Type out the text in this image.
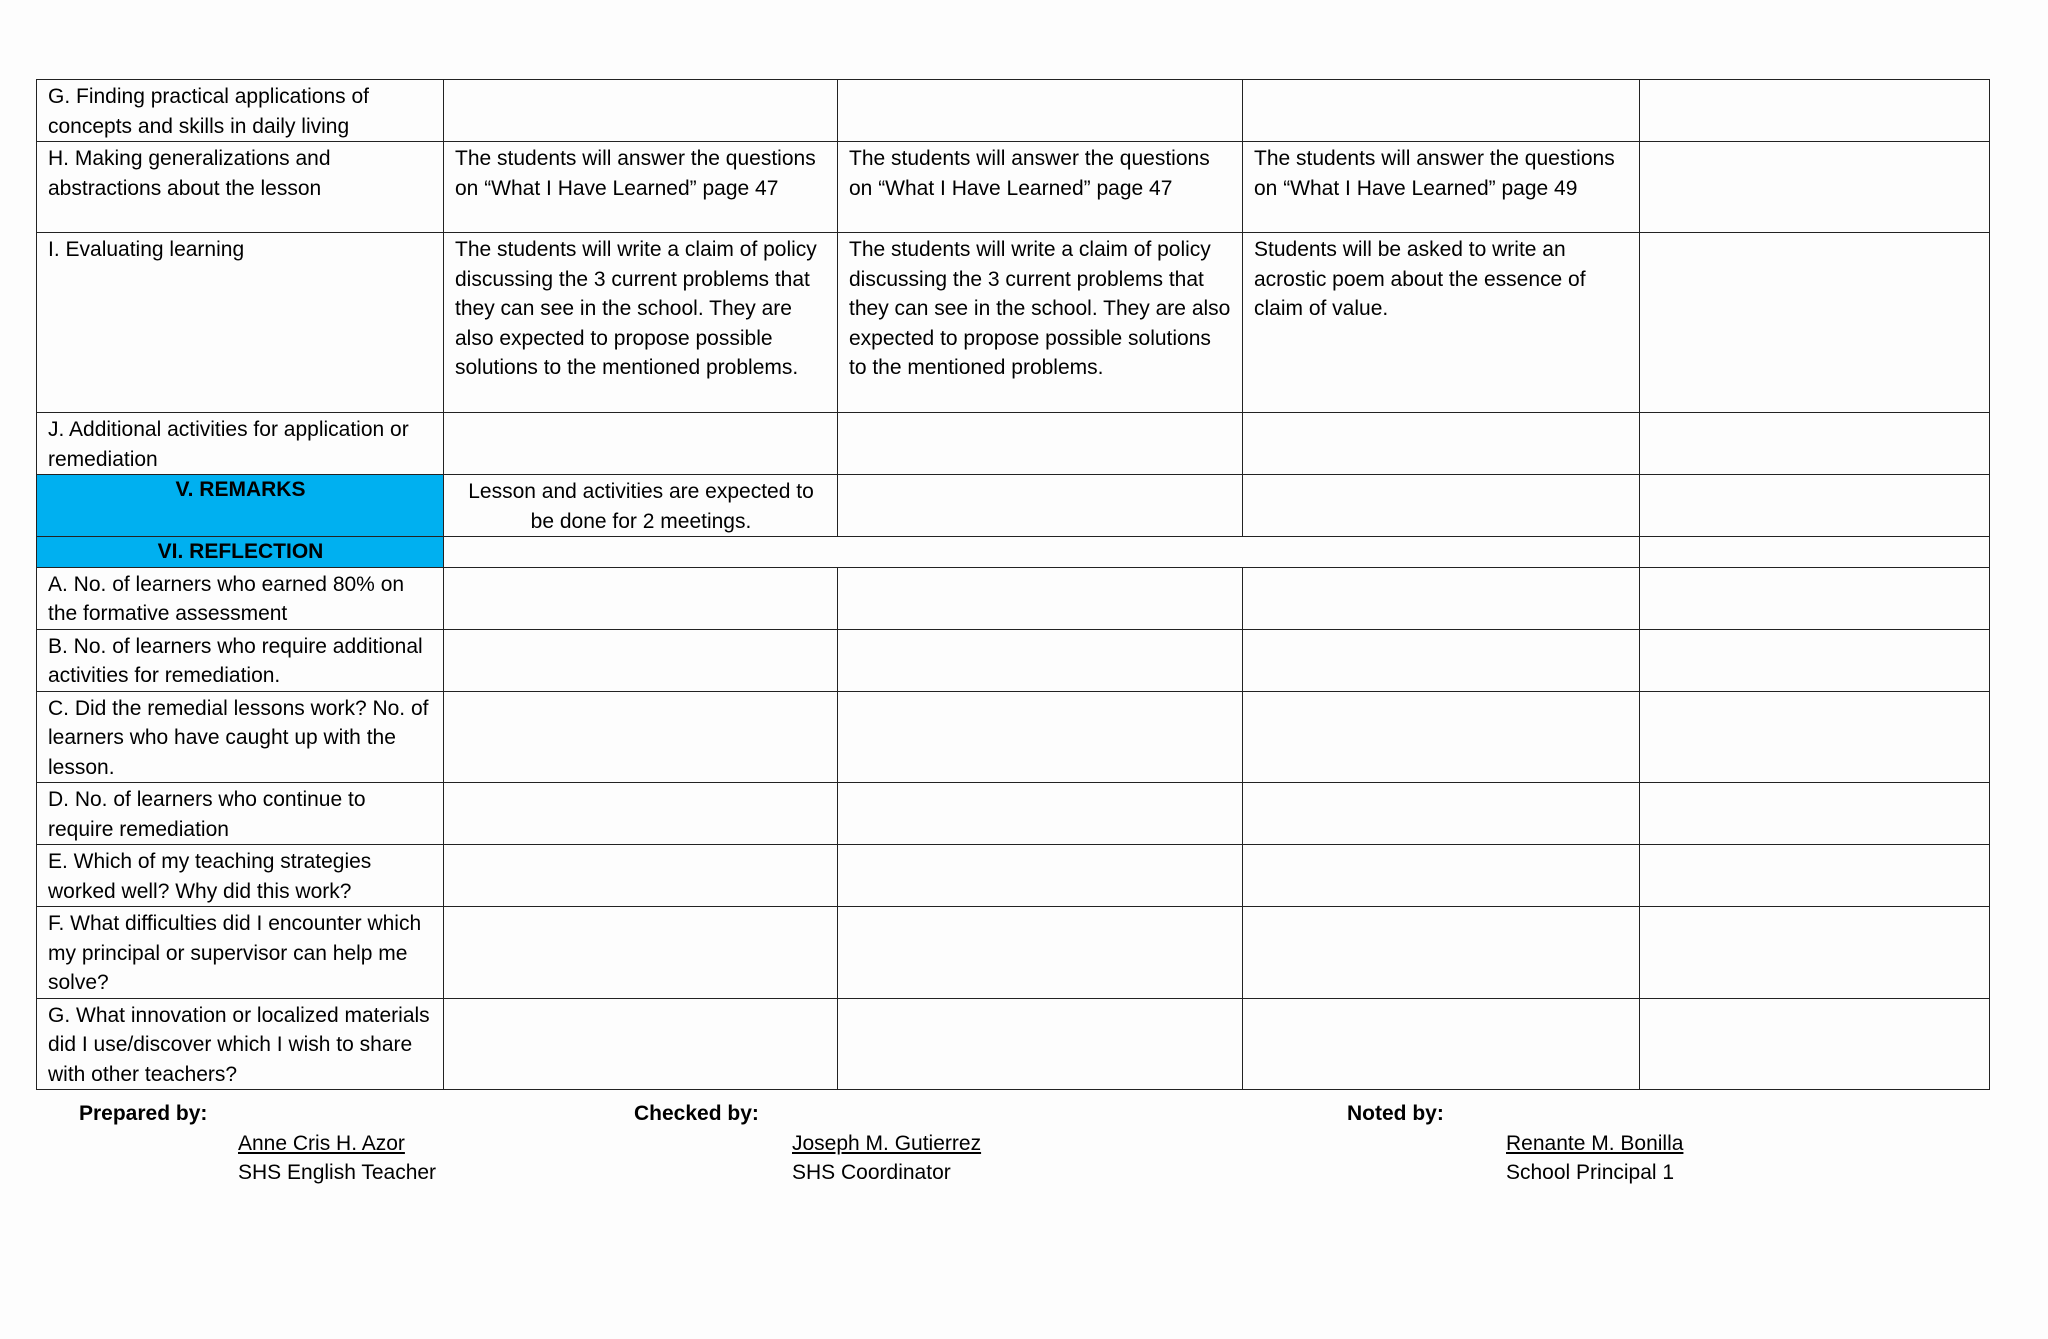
G. Finding practical applications of concepts and skills in daily living				
H. Making generalizations and abstractions about the lesson	The students will answer the questions on “What I Have Learned” page 47	The students will answer the questions on “What I Have Learned” page 47	The students will answer the questions on “What I Have Learned” page 49	
I. Evaluating learning	The students will write a claim of policy discussing the 3 current problems that they can see in the school. They are also expected to propose possible solutions to the mentioned problems.	The students will write a claim of policy discussing the 3 current problems that they can see in the school. They are also expected to propose possible solutions to the mentioned problems.	Students will be asked to write an acrostic poem about the essence of claim of value.	
J. Additional activities for application or remediation				
V. REMARKS	Lesson and activities are expected to be done for 2 meetings.			
VI. REFLECTION				
A. No. of learners who earned 80% on the formative assessment				
B. No. of learners who require additional activities for remediation.				
C. Did the remedial lessons work? No. of learners who have caught up with the lesson.				
D. No. of learners who continue to require remediation				
E. Which of my teaching strategies worked well? Why did this work?				
F. What difficulties did I encounter which my principal or supervisor can help me solve?				
G. What innovation or localized materials did I use/discover which I wish to share with other teachers?				
Prepared by:
Anne Cris H. Azor
SHS English Teacher
Checked by:
Joseph M. Gutierrez
SHS Coordinator
Noted by:
Renante M. Bonilla
School Principal 1
